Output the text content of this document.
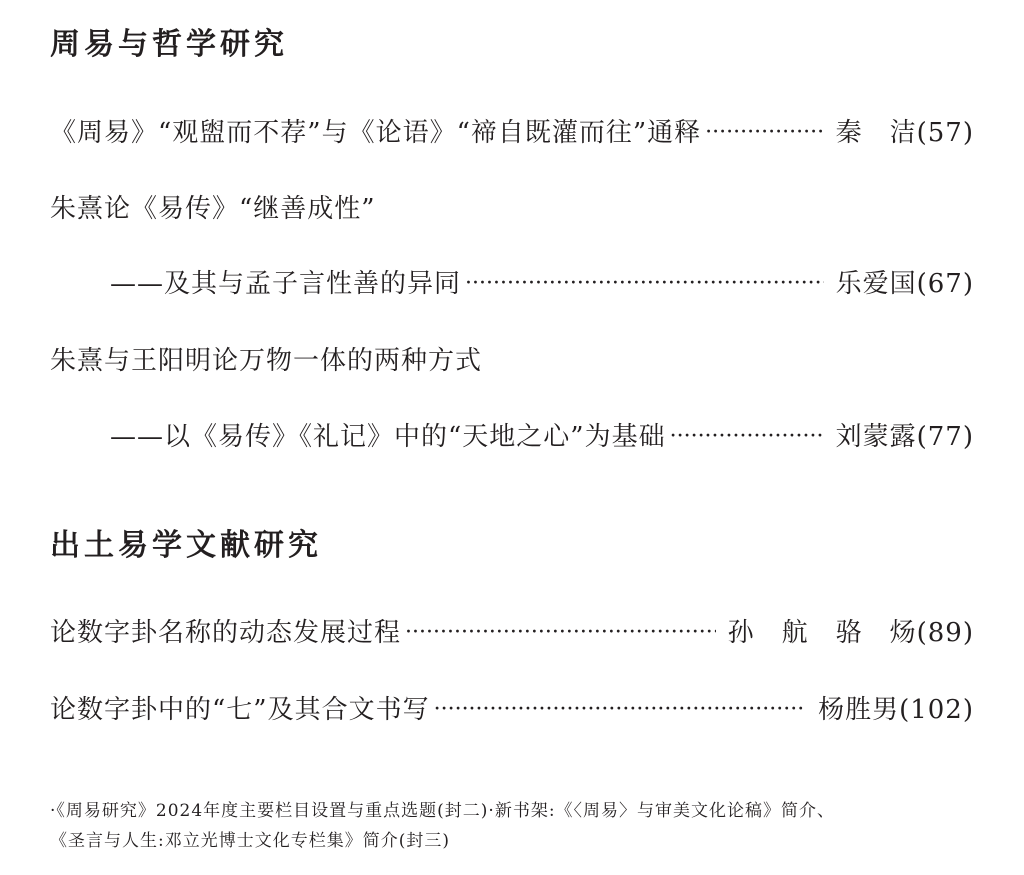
周易与哲学研究
《周易》“观盥而不荐”与《论语》“禘自既灌而往”通释 ·····	秦　洁 (57)
朱熹论《易传》“继善成性”
——及其与孟子言性善的异同 ·····	乐爱国 (67)
朱熹与王阳明论万物一体的两种方式
——以《易传》《礼记》中的“天地之心”为基础 ·····	刘蒙露 (77)
出土易学文献研究
论数字卦名称的动态发展过程 ·····	孙　航　骆　炀 (89)
论数字卦中的“七”及其合文书写 ·····	杨胜男 (102)
·《周易研究》2024年度主要栏目设置与重点选题(封二)·新书架:《〈周易〉与审美文化论稿》简介、
《圣言与人生:邓立光博士文化专栏集》简介(封三)
